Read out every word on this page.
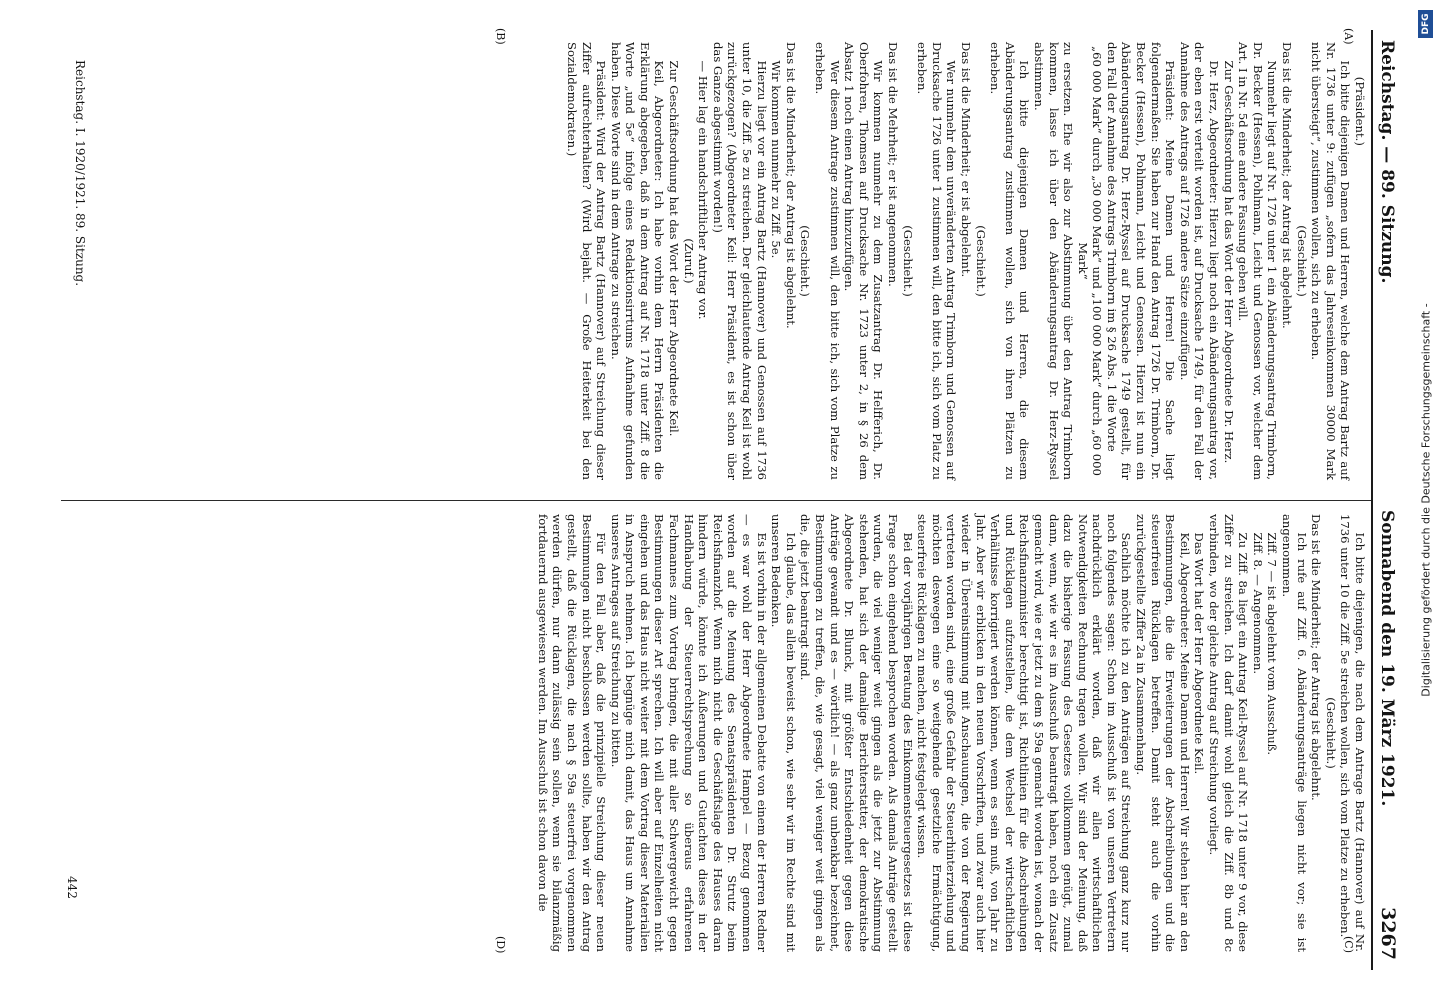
Reichstag. — 89. Sitzung.
Sonnabend den 19. März 1921.
3267
(A)
(B)
(C)
(D)

(Präsident.)

Ich bitte diejenigen Damen und Herren, welche dem Antrag Bartz auf Nr. 1736 unter 9: zufügen „sofern das Jahreseinkommen 30000 Mark nicht übersteigt“, zustimmen wollen, sich zu erheben.

(Geschieht.)

Das ist die Minderheit; der Antrag ist abgelehnt.

Nunmehr liegt auf Nr. 1726 unter 1 ein Abänderungsantrag Trimborn, Dr. Becker (Hessen), Pohlmann, Leicht und Genossen vor, welcher dem Art. I in Nr. 5d eine andere Fassung geben will.

Zur Geschäftsordnung hat das Wort der Herr Abgeordnete Dr. Herz.

Dr. Herz, Abgeordneter: Hierzu liegt noch ein Abänderungsantrag vor, der eben erst verteilt worden ist, auf Drucksache 1749, für den Fall der Annahme des Antrags auf 1726 andere Sätze einzufügen.

Präsident: Meine Damen und Herren! Die Sache liegt folgendermaßen: Sie haben zur Hand den Antrag 1726 Dr. Trimborn, Dr. Becker (Hessen), Pohlmann, Leicht und Genossen. Hierzu ist nun ein Abänderungsantrag Dr. Herz-Ryssel auf Drucksache 1749 gestellt, für den Fall der Annahme des Antrags Trimborn im § 26 Abs. 1 die Worte

„60 000 Mark“ durch „30 000 Mark“ und „100 000 Mark“ durch „60 000 Mark“

zu ersetzen. Ehe wir also zur Abstimmung über den Antrag Trimborn kommen, lasse ich über den Abänderungsantrag Dr. Herz-Ryssel abstimmen.

Ich bitte diejenigen Damen und Herren, die diesem Abänderungsantrag zustimmen wollen, sich von ihren Plätzen zu erheben.

(Geschieht.)

Das ist die Minderheit; er ist abgelehnt.

Wer nunmehr dem unveränderten Antrag Trimborn und Genossen auf Drucksache 1726 unter 1 zustimmen will, den bitte ich, sich vom Platz zu erheben.

(Geschieht.)

Das ist die Mehrheit; er ist angenommen.

Wir kommen nunmehr zu dem Zusatzantrag Dr. Helfferich, Dr. Oberfohren, Thomsen auf Drucksache Nr. 1723 unter 2, in § 26 dem Absatz 1 noch einen Antrag hinzuzufügen.

Wer diesem Antrage zustimmen will, den bitte ich, sich vom Platze zu erheben.

(Geschieht.)

Das ist die Minderheit; der Antrag ist abgelehnt.

Wir kommen nunmehr zu Ziff. 5e.

Hierzu liegt vor ein Antrag Bartz (Hannover) und Genossen auf 1736 unter 10, die Ziff. 5e zu streichen. Der gleichlautende Antrag Keil ist wohl zurückgezogen? (Abgeordneter Keil: Herr Präsident, es ist schon über das Ganze abgestimmt worden!)

— Hier lag ein handschriftlicher Antrag vor.

(Zuruf.)

Zur Geschäftsordnung hat das Wort der Herr Abgeordnete Keil.

Keil, Abgeordneter: Ich habe vorhin dem Herrn Präsidenten die Erklärung abgegeben, daß in dem Antrag auf Nr. 1718 unter Ziff. 8 die Worte „und 5e“ infolge eines Redaktionsirrtums Aufnahme gefunden haben. Diese Worte sind in dem Antrage zu streichen.

Präsident: Wird der Antrag Bartz (Hannover) auf Streichung dieser Ziffer aufrechterhalten? (Wird bejaht. — Große Heiterkeit bei den Sozialdemokraten.)

Ich bitte diejenigen, die nach dem Antrage Bartz (Hannover) auf Nr. 1736 unter 10 die Ziff. 5e streichen wollen, sich vom Platze zu erheben.

(Geschieht.)

Das ist die Minderheit; der Antrag ist abgelehnt.

Ich rufe auf Ziff. 6. Abänderungsanträge liegen nicht vor; sie ist angenommen.

Ziff. 7 — ist abgelehnt vom Ausschuß.

Ziff. 8. — Angenommen.

Zu Ziff. 8a liegt ein Antrag Keil-Ryssel auf Nr. 1718 unter 9 vor, diese Ziffer zu streichen. Ich darf damit wohl gleich die Ziff. 8b und 8c verbinden, wo der gleiche Antrag auf Streichung vorliegt.

Das Wort hat der Herr Abgeordnete Keil.

Keil, Abgeordneter: Meine Damen und Herren! Wir stehen hier an den Bestimmungen, die die Erweiterungen der Abschreibungen und die steuerfreien Rücklagen betreffen. Damit steht auch die vorhin zurückgestellte Ziffer 2a in Zusammenhang.

Sachlich möchte ich zu den Anträgen auf Streichung ganz kurz nur noch folgendes sagen: Schon im Ausschuß ist von unseren Vertretern nachdrücklich erklärt worden, daß wir allen wirtschaftlichen Notwendigkeiten Rechnung tragen wollen. Wir sind der Meinung, daß dazu die bisherige Fassung des Gesetzes vollkommen genügt, zumal dann, wenn, wie wir es im Ausschuß beantragt haben, noch ein Zusatz gemacht wird, wie er jetzt zu dem § 59a gemacht worden ist, wonach der Reichsfinanzminister berechtigt ist, Richtlinien für die Abschreibungen und Rücklagen aufzustellen, die dem Wechsel der wirtschaftlichen Verhältnisse korrigiert werden können, wenn es sein muß, von Jahr zu Jahr. Aber wir erblicken in den neuen Vorschriften, und zwar auch hier wieder in Übereinstimmung mit Anschauungen, die von der Regierung vertreten worden sind, eine große Gefahr der Steuerhinterziehung und möchten deswegen eine so weitgehende gesetzliche Ermächtigung, steuerfreie Rücklagen zu machen, nicht festgelegt wissen.

Bei der vorjährigen Beratung des Einkommensteuergesetzes ist diese Frage schon eingehend besprochen worden. Als damals Anträge gestellt wurden, die viel weniger weit gingen als die jetzt zur Abstimmung stehenden, hat sich der damalige Berichterstatter, der demokratische Abgeordnete Dr. Blunck, mit größter Entschiedenheit gegen diese Anträge gewandt und es — wörtlich! — als ganz unbenkbar bezeichnet, Bestimmungen zu treffen, die, wie gesagt, viel weniger weit gingen als die, die jetzt beantragt sind.

Ich glaube, das allein beweist schon, wie sehr wir im Rechte sind mit unseren Bedenken.

Es ist vorhin in der allgemeinen Debatte von einem der Herren Redner — es war wohl der Herr Abgeordnete Hampel — Bezug genommen worden auf die Meinung des Senatspräsidenten Dr. Strutz beim Reichsfinanzhof. Wenn mich nicht die Geschäftslage des Hauses daran hindern würde, könnte ich Äußerungen und Gutachten dieses in der Handhabung der Steuerrechtsprechung so überaus erfahrenen Fachmannes zum Vortrag bringen, die mit aller Schwergewicht gegen Bestimmungen dieser Art sprechen. Ich will aber auf Einzelheiten nicht eingehen und das Haus nicht weiter mit dem Vortrag dieser Materialien in Anspruch nehmen. Ich begnüge mich damit, das Haus um Annahme unseres Antrages auf Streichung zu bitten.

Für den Fall aber, daß die prinzipielle Streichung dieser neuen Bestimmungen nicht beschlossen werden sollte, haben wir den Antrag gestellt, daß die Rücklagen, die nach § 59a steuerfrei vorgenommen werden dürfen, nur dann zulässig sein sollen, wenn sie bilanzmäßig fortdauernd ausgewiesen werden. Im Ausschuß ist schon davon die

Reichstag. I. 1920/1921. 89. Sitzung.
442
DFG
Digitalisierung gefördert durch die Deutsche Forschungsgemeinschaft -
